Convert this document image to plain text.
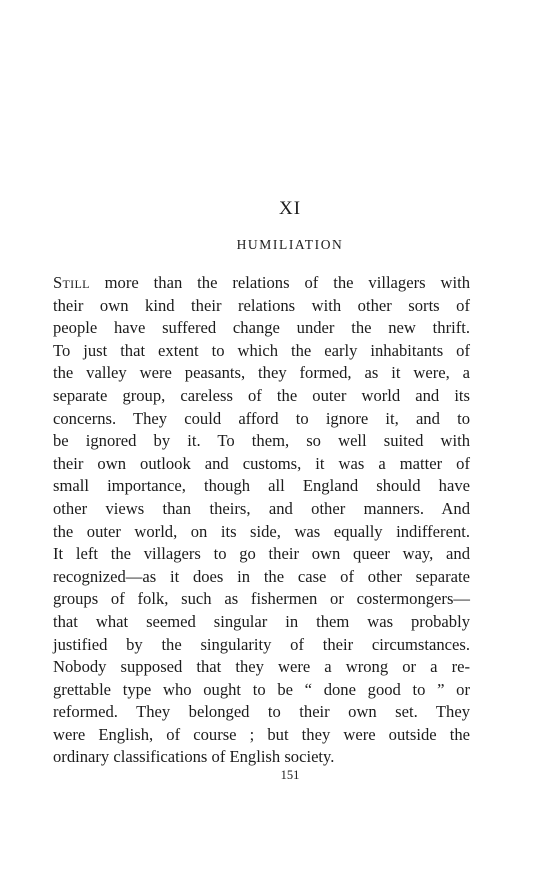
XI
HUMILIATION
Still more than the relations of the villagers with
their own kind their relations with other sorts of
people have suffered change under the new thrift.
To just that extent to which the early inhabitants of
the valley were peasants, they formed, as it were, a
separate group, careless of the outer world and its
concerns. They could afford to ignore it, and to
be ignored by it. To them, so well suited with
their own outlook and customs, it was a matter of
small importance, though all England should have
other views than theirs, and other manners. And
the outer world, on its side, was equally indifferent.
It left the villagers to go their own queer way, and
recognized—as it does in the case of other separate
groups of folk, such as fishermen or costermongers—
that what seemed singular in them was probably
justified by the singularity of their circumstances.
Nobody supposed that they were a wrong or a re-
grettable type who ought to be “ done good to ” or
reformed. They belonged to their own set. They
were English, of course ; but they were outside the
ordinary classifications of English society.
151
